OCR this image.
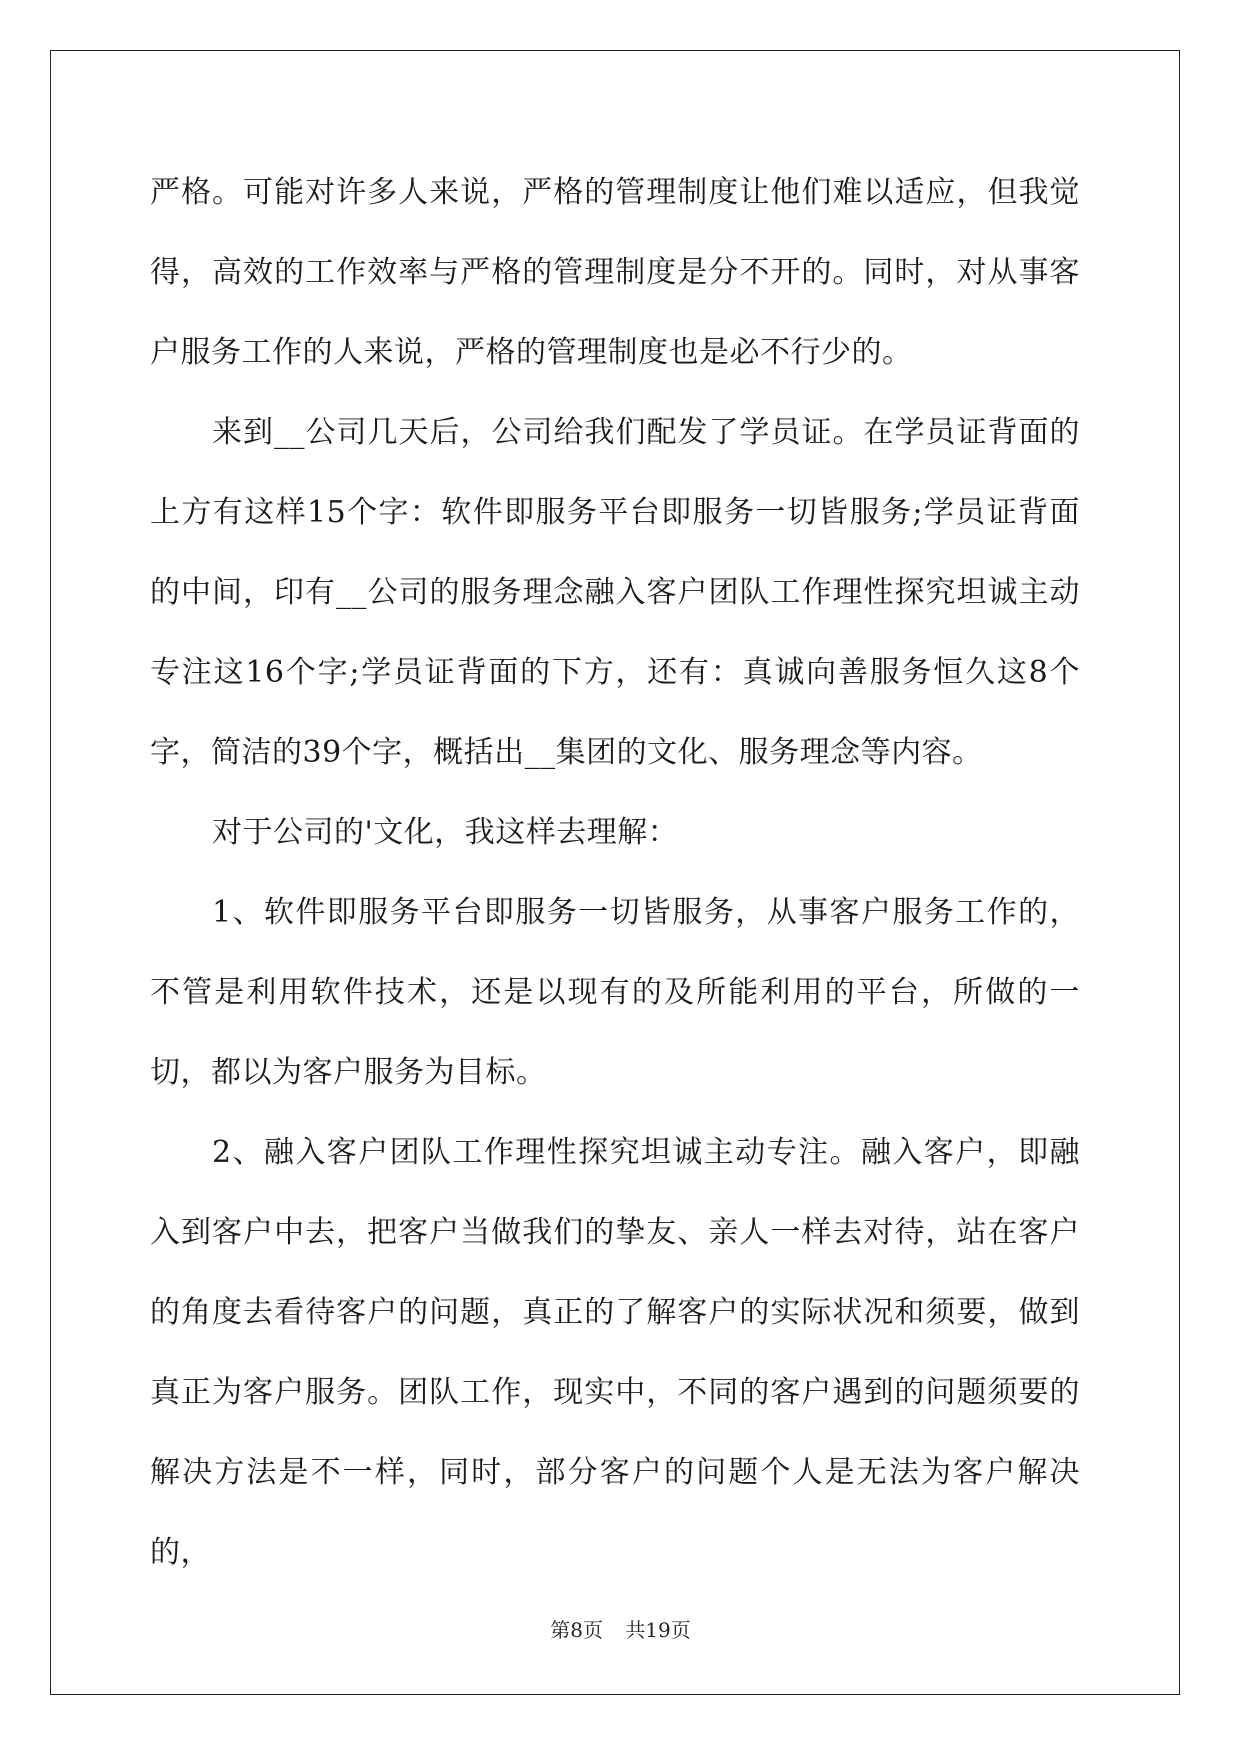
严格。可能对许多人来说，严格的管理制度让他们难以适应，但我觉得，高效的工作效率与严格的管理制度是分不开的。同时，对从事客户服务工作的人来说，严格的管理制度也是必不行少的。

来到__公司几天后，公司给我们配发了学员证。在学员证背面的上方有这样15个字：软件即服务平台即服务一切皆服务;学员证背面的中间，印有__公司的服务理念融入客户团队工作理性探究坦诚主动专注这16个字;学员证背面的下方，还有：真诚向善服务恒久这8个字，简洁的39个字，概括出__集团的文化、服务理念等内容。

对于公司的'文化，我这样去理解：

1、软件即服务平台即服务一切皆服务，从事客户服务工作的，不管是利用软件技术，还是以现有的及所能利用的平台，所做的一切，都以为客户服务为目标。

2、融入客户团队工作理性探究坦诚主动专注。融入客户，即融入到客户中去，把客户当做我们的挚友、亲人一样去对待，站在客户的角度去看待客户的问题，真正的了解客户的实际状况和须要，做到真正为客户服务。团队工作，现实中，不同的客户遇到的问题须要的解决方法是不一样，同时，部分客户的问题个人是无法为客户解决的，

第8页 共19页
